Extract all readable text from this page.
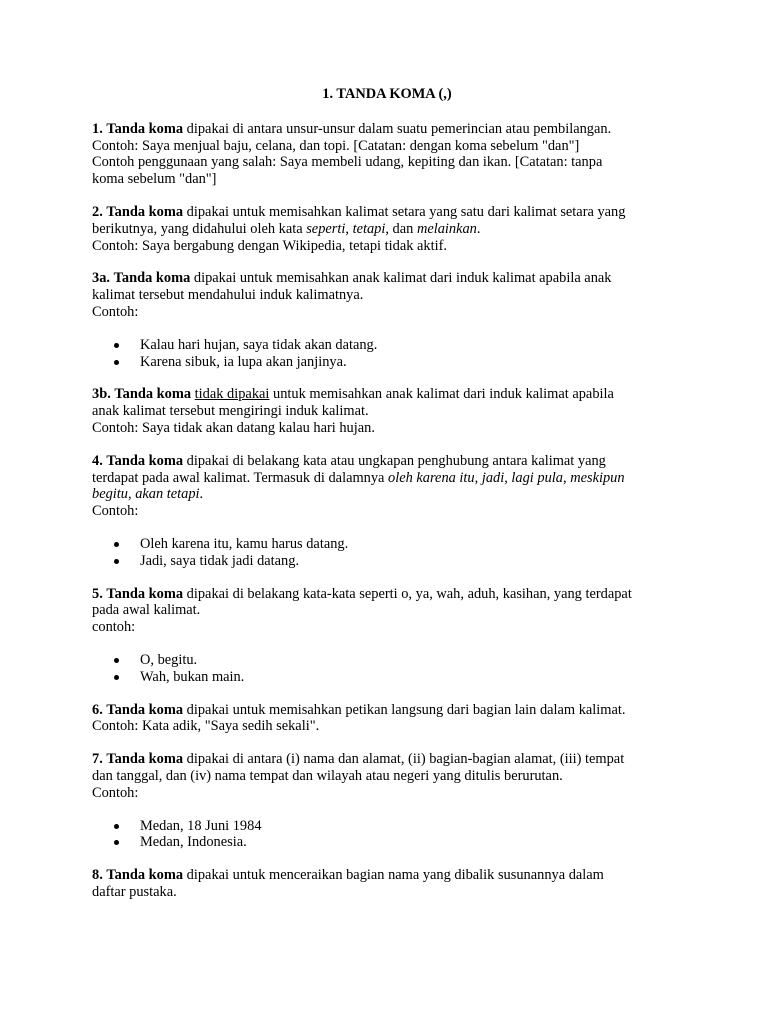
1. TANDA KOMA (,)
1. Tanda koma dipakai di antara unsur-unsur dalam suatu pemerincian atau pembilangan.
Contoh: Saya menjual baju, celana, dan topi. [Catatan: dengan koma sebelum "dan"]
Contoh penggunaan yang salah: Saya membeli udang, kepiting dan ikan. [Catatan: tanpa
koma sebelum "dan"]
2. Tanda koma dipakai untuk memisahkan kalimat setara yang satu dari kalimat setara yang
berikutnya, yang didahului oleh kata seperti, tetapi, dan melainkan.
Contoh: Saya bergabung dengan Wikipedia, tetapi tidak aktif.
3a. Tanda koma dipakai untuk memisahkan anak kalimat dari induk kalimat apabila anak
kalimat tersebut mendahului induk kalimatnya.
Contoh:
Kalau hari hujan, saya tidak akan datang.
Karena sibuk, ia lupa akan janjinya.
3b. Tanda koma tidak dipakai untuk memisahkan anak kalimat dari induk kalimat apabila
anak kalimat tersebut mengiringi induk kalimat.
Contoh: Saya tidak akan datang kalau hari hujan.
4. Tanda koma dipakai di belakang kata atau ungkapan penghubung antara kalimat yang
terdapat pada awal kalimat. Termasuk di dalamnya oleh karena itu, jadi, lagi pula, meskipun
begitu, akan tetapi.
Contoh:
Oleh karena itu, kamu harus datang.
Jadi, saya tidak jadi datang.
5. Tanda koma dipakai di belakang kata-kata seperti o, ya, wah, aduh, kasihan, yang terdapat
pada awal kalimat.
contoh:
O, begitu.
Wah, bukan main.
6. Tanda koma dipakai untuk memisahkan petikan langsung dari bagian lain dalam kalimat.
Contoh: Kata adik, "Saya sedih sekali".
7. Tanda koma dipakai di antara (i) nama dan alamat, (ii) bagian-bagian alamat, (iii) tempat
dan tanggal, dan (iv) nama tempat dan wilayah atau negeri yang ditulis berurutan.
Contoh:
Medan, 18 Juni 1984
Medan, Indonesia.
8. Tanda koma dipakai untuk menceraikan bagian nama yang dibalik susunannya dalam
daftar pustaka.
